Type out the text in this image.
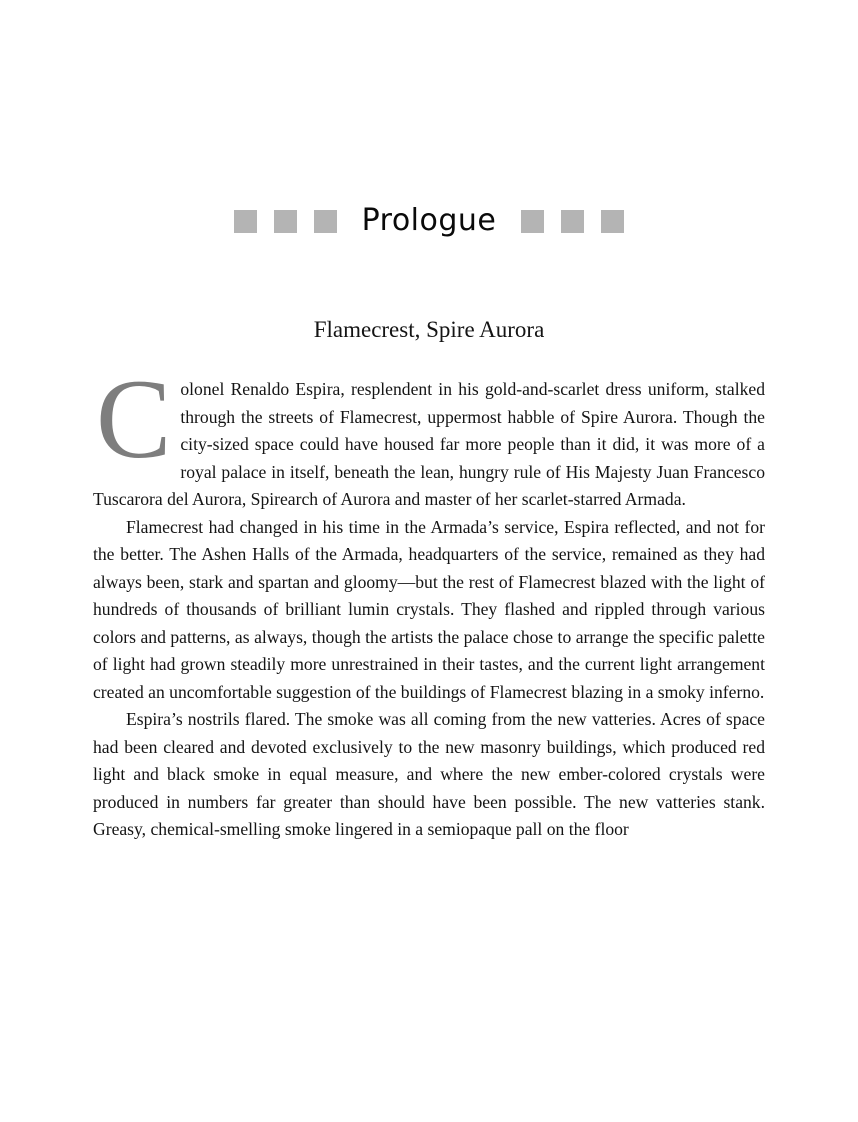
Prologue
Flamecrest, Spire Aurora

Colonel Renaldo Espira, resplendent in his gold-and-scarlet dress uniform, stalked through the streets of Flamecrest, uppermost habble of Spire Aurora. Though the city-sized space could have housed far more people than it did, it was more of a royal palace in itself, beneath the lean, hungry rule of His Majesty Juan Francesco Tuscarora del Aurora, Spirearch of Aurora and master of her scarlet-starred Armada.

Flamecrest had changed in his time in the Armada’s service, Espira reflected, and not for the better. The Ashen Halls of the Armada, headquarters of the service, remained as they had always been, stark and spartan and gloomy—but the rest of Flamecrest blazed with the light of hundreds of thousands of brilliant lumin crystals. They flashed and rippled through various colors and patterns, as always, though the artists the palace chose to arrange the specific palette of light had grown steadily more unrestrained in their tastes, and the current light arrangement created an uncomfortable suggestion of the buildings of Flamecrest blazing in a smoky inferno.

Espira’s nostrils flared. The smoke was all coming from the new vatteries. Acres of space had been cleared and devoted exclusively to the new masonry buildings, which produced red light and black smoke in equal measure, and where the new ember-colored crystals were produced in numbers far greater than should have been possible. The new vatteries stank. Greasy, chemical-smelling smoke lingered in a semiopaque pall on the floor
